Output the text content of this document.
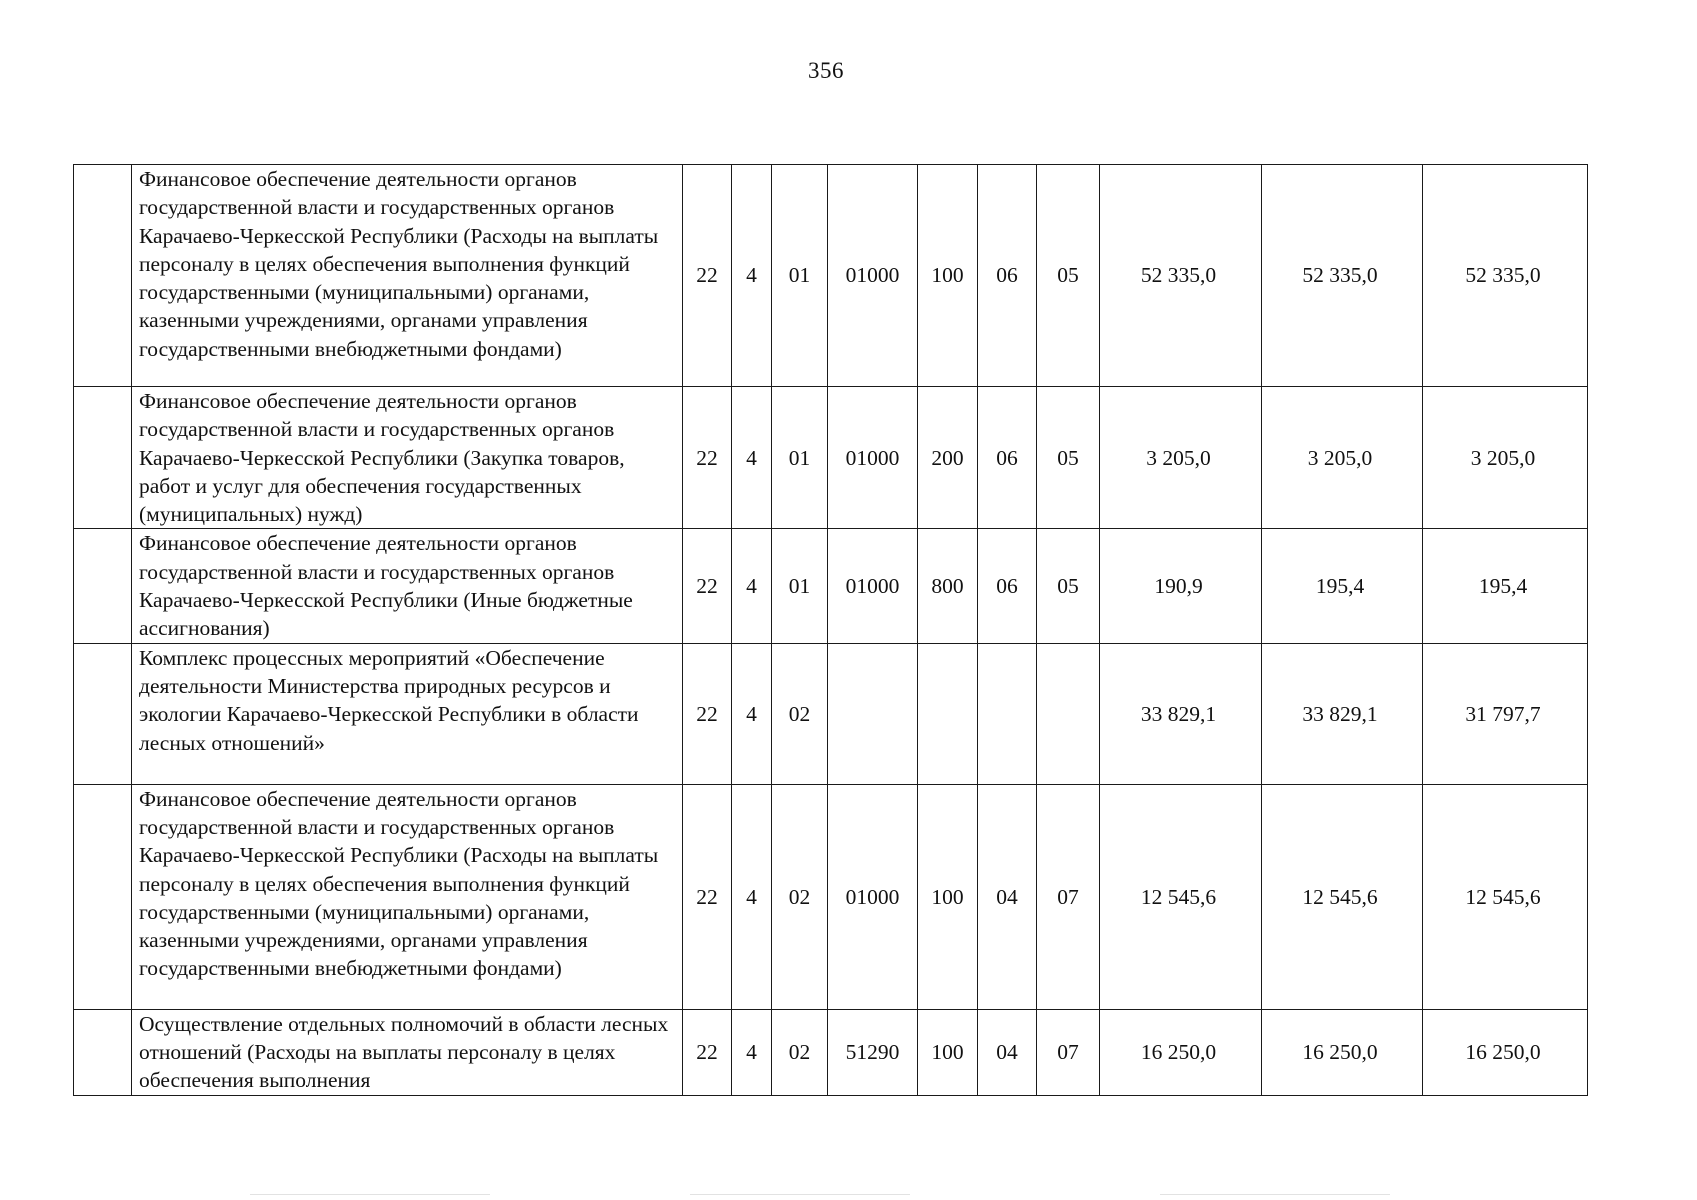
356
	Финансовое обеспечение деятельности органов государственной власти и государственных органов Карачаево-Черкесской Республики (Расходы на выплаты персоналу в целях обеспечения выполнения функций государственными (муниципальными) органами, казенными учреждениями, органами управления государственными внебюджетными фондами)	22	4	01	01000	100	06	05	52 335,0	52 335,0	52 335,0
	Финансовое обеспечение деятельности органов государственной власти и государственных органов Карачаево-Черкесской Республики (Закупка товаров, работ и услуг для обеспечения государственных (муниципальных) нужд)	22	4	01	01000	200	06	05	3 205,0	3 205,0	3 205,0
	Финансовое обеспечение деятельности органов государственной власти и государственных органов Карачаево-Черкесской Республики (Иные бюджетные ассигнования)	22	4	01	01000	800	06	05	190,9	195,4	195,4
	Комплекс процессных мероприятий «Обеспечение деятельности Министерства природных ресурсов и экологии Карачаево-Черкесской Республики в области лесных отношений»	22	4	02					33 829,1	33 829,1	31 797,7
	Финансовое обеспечение деятельности органов государственной власти и государственных органов Карачаево-Черкесской Республики (Расходы на выплаты персоналу в целях обеспечения выполнения функций государственными (муниципальными) органами, казенными учреждениями, органами управления государственными внебюджетными фондами)	22	4	02	01000	100	04	07	12 545,6	12 545,6	12 545,6
	Осуществление отдельных полномочий в области лесных отношений (Расходы на выплаты персоналу в целях обеспечения выполнения	22	4	02	51290	100	04	07	16 250,0	16 250,0	16 250,0
